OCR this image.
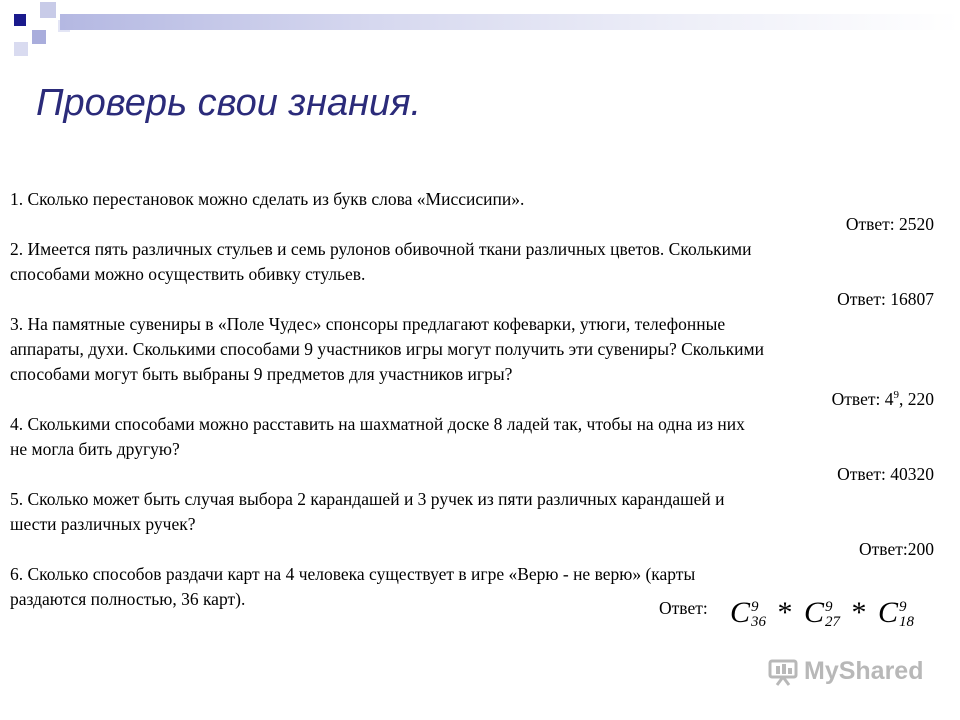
Проверь свои знания.

1. Сколько перестановок можно сделать из букв слова «Миссисипи».

Ответ: 2520

2. Имеется пять различных стульев и семь рулонов обивочной ткани различных цветов. Сколькими
способами можно осуществить обивку стульев.

Ответ: 16807

3. На памятные сувениры в «Поле Чудес» спонсоры предлагают кофеварки, утюги, телефонные
аппараты, духи. Сколькими способами 9 участников игры могут получить эти сувениры? Сколькими
способами могут быть выбраны 9 предметов для участников игры?

Ответ: $4^9$, 220

4. Сколькими способами можно расставить на шахматной доске 8 ладей так, чтобы на одна из них
не могла бить другую?

Ответ: 40320

5. Сколько может быть случая выбора 2 карандашей и 3 ручек из пяти различных карандашей и
шести различных ручек?

Ответ:200

6. Сколько способов раздачи карт на 4 человека существует в игре «Верю - не верю» (карты
раздаются полностью, 36 карт).	Ответ: C 9
36 * C 9
27 * C 9
18
MyShared
